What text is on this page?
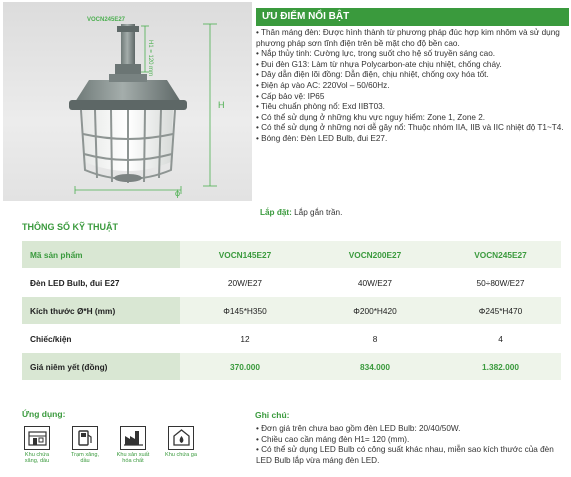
VOCN245E27
H1 = 120 mm
H
ϕ
ƯU ĐIỂM NỔI BẬT
• Thân máng đèn: Được hình thành từ phương pháp đúc hợp kim nhôm và sử dụng phương pháp sơn tĩnh điện trên bề mặt cho độ bền cao.
• Nắp thủy tinh: Cường lực, trong suốt cho hệ số truyền sáng cao.
• Đui đèn G13: Làm từ nhựa Polycarbon-ate chịu nhiệt, chống cháy.
• Dây dẫn điện lõi đồng: Dẫn điện, chịu nhiệt, chống oxy hóa tốt.
• Điện áp vào AC: 220Vol – 50/60Hz.
• Cấp bảo vệ: IP65
• Tiêu chuẩn phòng nổ: Exd IIBT03.
• Có thể sử dụng ở những khu vực nguy hiểm: Zone 1, Zone 2.
• Có thể sử dụng ở những nơi dễ gây nổ: Thuộc nhóm IIA, IIB và IIC nhiệt độ T1~T4.
• Bóng đèn: Đèn LED Bulb, đui E27.
Lắp đặt: Lắp gắn trần.
THÔNG SỐ KỸ THUẬT
Mã sản phẩm	VOCN145E27	VOCN200E27	VOCN245E27
Đèn LED Bulb, đui E27	20W/E27	40W/E27	50÷80W/E27
Kích thước Ø*H (mm)	Φ145*H350	Φ200*H420	Φ245*H470
Chiếc/kiện	12	8	4
Giá niêm yết (đồng)	370.000	834.000	1.382.000
Ứng dụng:
Khu chứa
xăng, dầu
Trạm xăng,
dầu
Khu sản xuất
hóa chất
Khu chứa ga
Ghi chú:
• Đơn giá trên chưa bao gồm đèn LED Bulb: 20/40/50W.
• Chiều cao cần máng đèn H1= 120 (mm).
• Có thể sử dụng LED Bulb có công suất khác nhau, miễn sao kích thước của đèn LED Bulb lắp vừa máng đèn LED.
